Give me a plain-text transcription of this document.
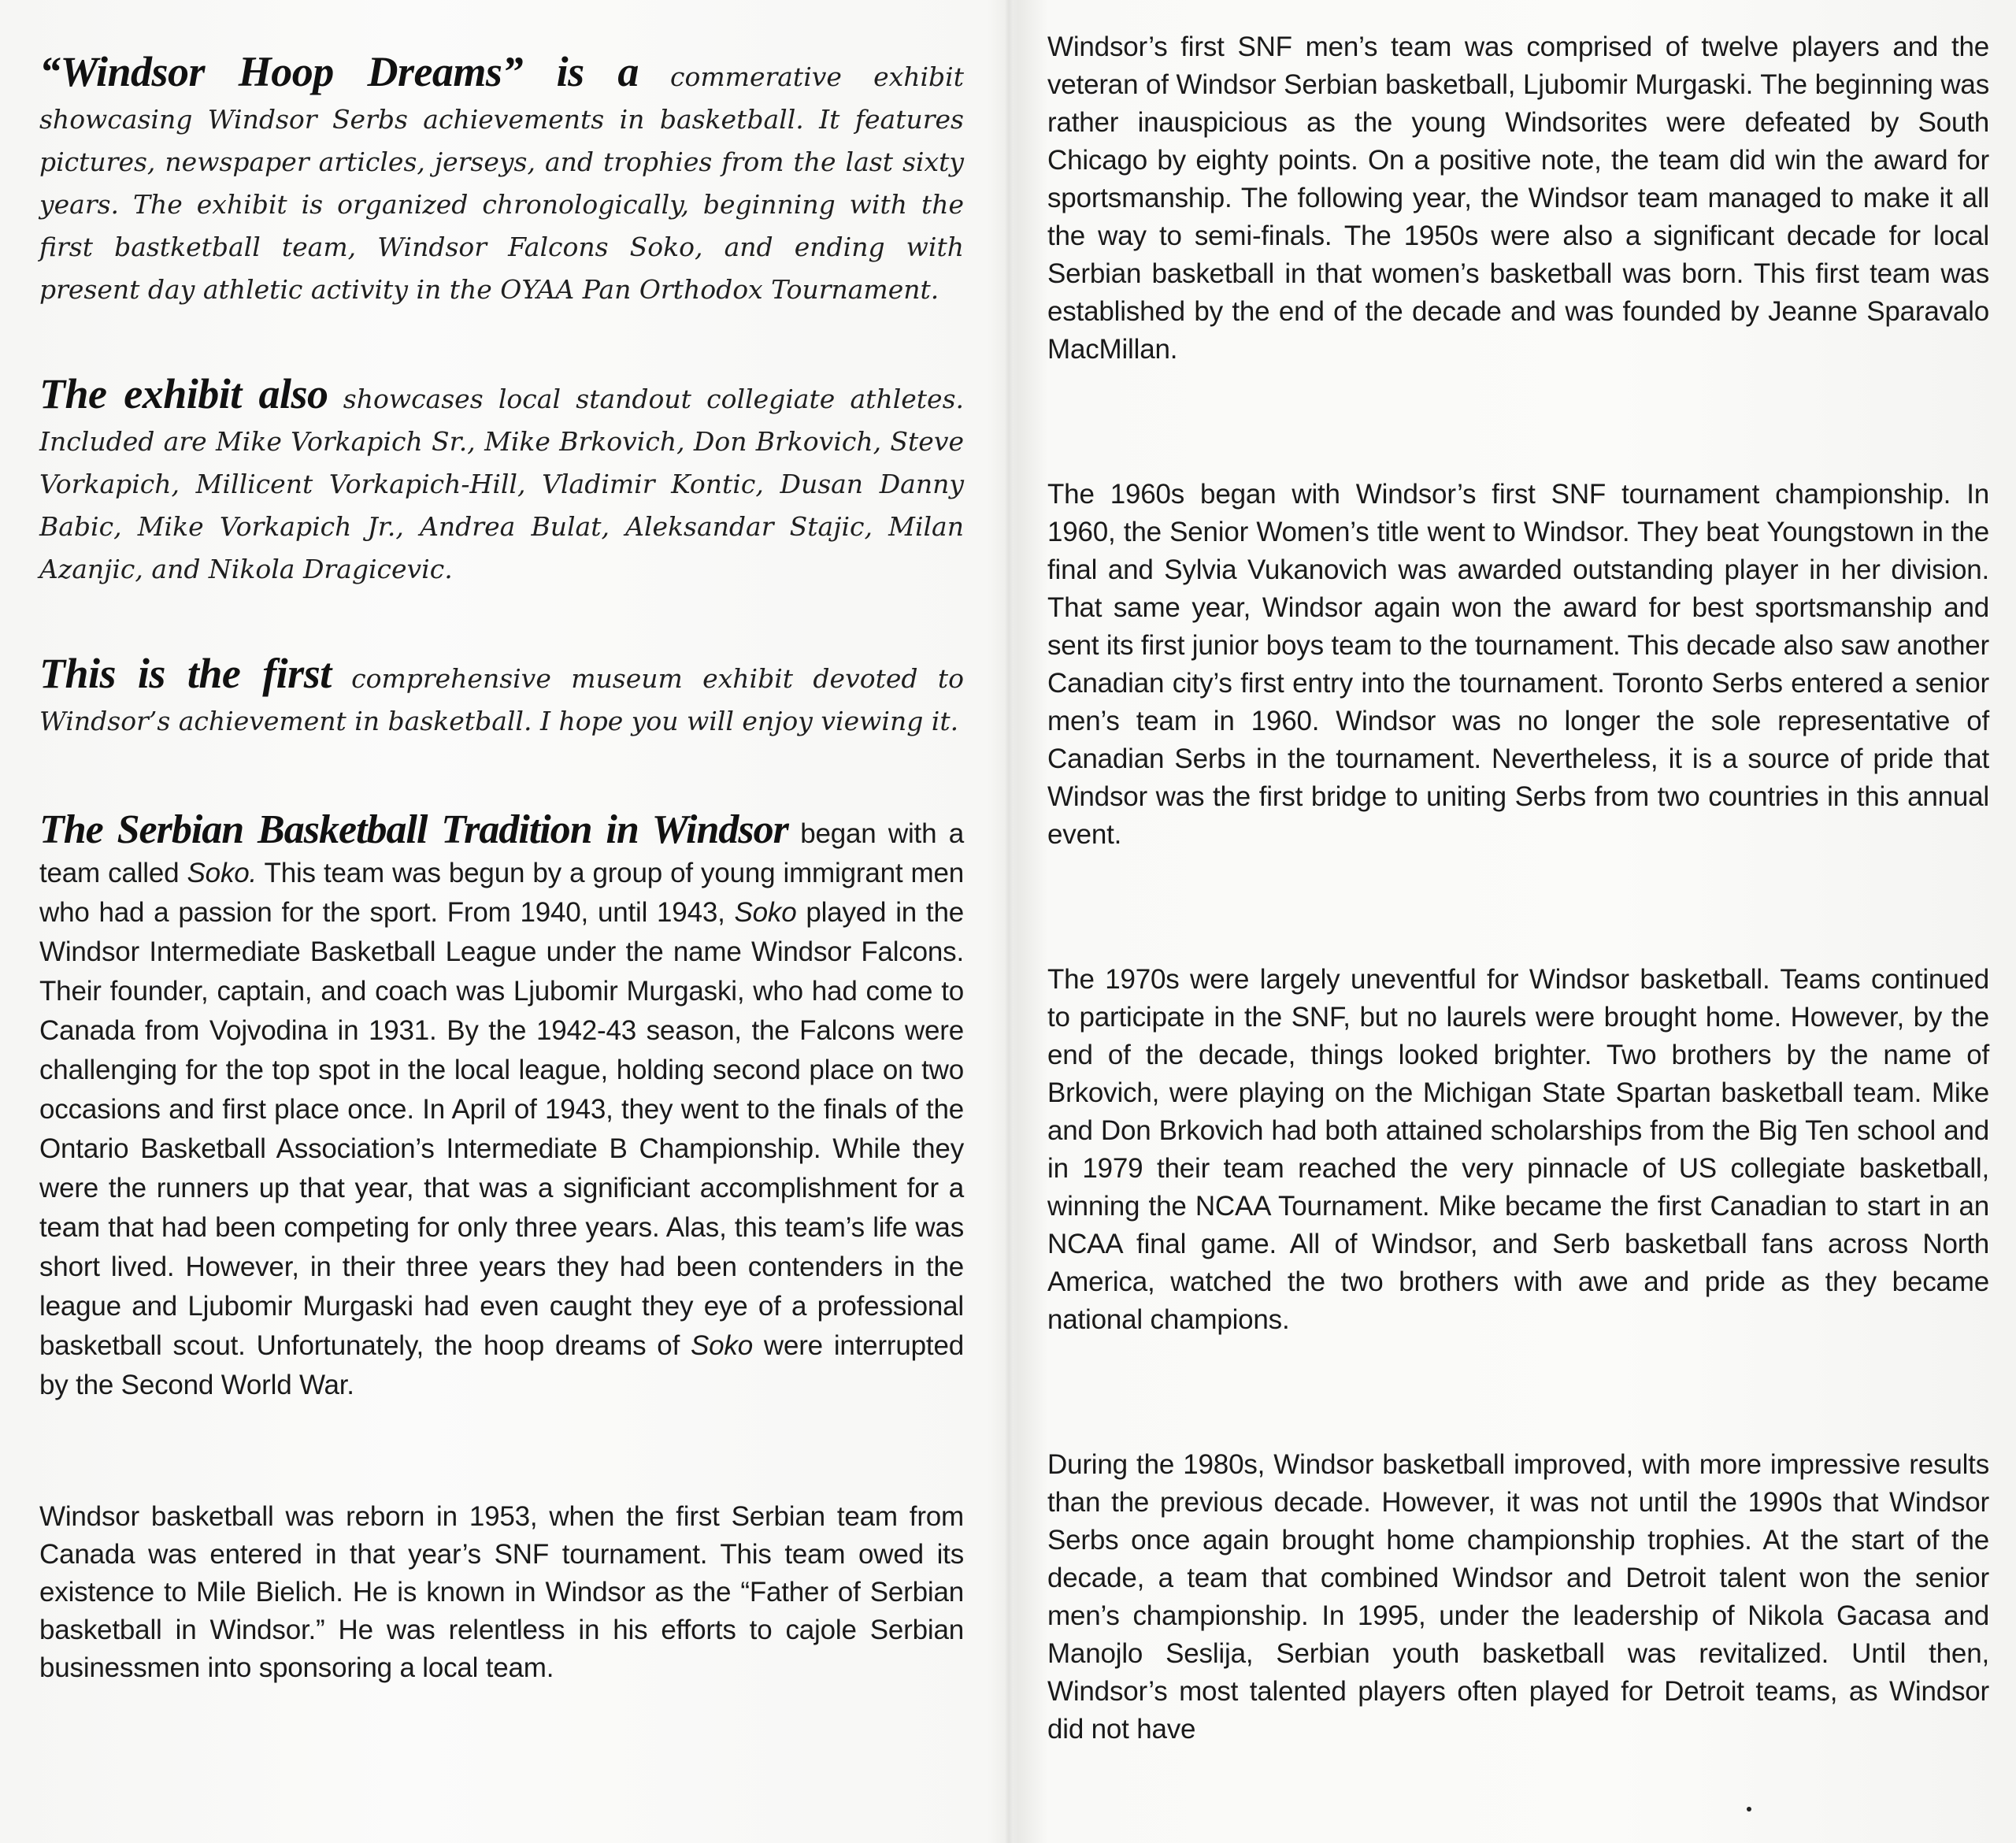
“Windsor Hoop Dreams” is a commerative exhibit showcasing Windsor Serbs achievements in basketball. It features pictures, newspaper articles, jerseys, and trophies from the last sixty years. The exhibit is organized chronologically, beginning with the first bastketball team, Windsor Falcons Soko, and ending with present day athletic activity in the OYAA Pan Orthodox Tournament.

The exhibit also showcases local standout collegiate athletes. Included are Mike Vorkapich Sr., Mike Brkovich, Don Brkovich, Steve Vorkapich, Millicent Vorkapich-Hill, Vladimir Kontic, Dusan Danny Babic, Mike Vorkapich Jr., Andrea Bulat, Aleksandar Stajic, Milan Azanjic, and Nikola Dragicevic.

This is the first comprehensive museum exhibit devoted to Windsor’s achievement in basketball. I hope you will enjoy viewing it.

The Serbian Basketball Tradition in Windsor began with a team called Soko. This team was begun by a group of young immigrant men who had a passion for the sport. From 1940, until 1943, Soko played in the Windsor Intermediate Basketball League under the name Windsor Falcons. Their founder, captain, and coach was Ljubomir Murgaski, who had come to Canada from Vojvodina in 1931. By the 1942-43 season, the Falcons were challenging for the top spot in the local league, holding second place on two occasions and first place once. In April of 1943, they went to the finals of the Ontario Basketball Association’s Intermediate B Championship. While they were the runners up that year, that was a significiant accomplishment for a team that had been competing for only three years. Alas, this team’s life was short lived. However, in their three years they had been contenders in the league and Ljubomir Murgaski had even caught they eye of a professional basketball scout. Unfortunately, the hoop dreams of Soko were interrupted by the Second World War.

Windsor basketball was reborn in 1953, when the first Serbian team from Canada was entered in that year’s SNF tournament. This team owed its existence to Mile Bielich. He is known in Windsor as the “Father of Serbian basketball in Windsor.” He was relentless in his efforts to cajole Serbian businessmen into sponsoring a local team.

Windsor’s first SNF men’s team was comprised of twelve players and the veteran of Windsor Serbian basketball, Ljubomir Murgaski. The beginning was rather inauspicious as the young Windsorites were defeated by South Chicago by eighty points. On a positive note, the team did win the award for sportsmanship. The following year, the Windsor team managed to make it all the way to semi-finals. The 1950s were also a significant decade for local Serbian basketball in that women’s basketball was born. This first team was established by the end of the decade and was founded by Jeanne Sparavalo MacMillan.

The 1960s began with Windsor’s first SNF tournament championship. In 1960, the Senior Women’s title went to Windsor. They beat Youngstown in the final and Sylvia Vukanovich was awarded outstanding player in her division. That same year, Windsor again won the award for best sportsmanship and sent its first junior boys team to the tournament. This decade also saw another Canadian city’s first entry into the tournament. Toronto Serbs entered a senior men’s team in 1960. Windsor was no longer the sole representative of Canadian Serbs in the tournament. Nevertheless, it is a source of pride that Windsor was the first bridge to uniting Serbs from two countries in this annual event.

The 1970s were largely uneventful for Windsor basketball. Teams continued to participate in the SNF, but no laurels were brought home. However, by the end of the decade, things looked brighter. Two brothers by the name of Brkovich, were playing on the Michigan State Spartan basketball team. Mike and Don Brkovich had both attained scholarships from the Big Ten school and in 1979 their team reached the very pinnacle of US collegiate basketball, winning the NCAA Tournament. Mike became the first Canadian to start in an NCAA final game. All of Windsor, and Serb basketball fans across North America, watched the two brothers with awe and pride as they became national champions.

During the 1980s, Windsor basketball improved, with more impressive results than the previous decade. However, it was not until the 1990s that Windsor Serbs once again brought home championship trophies. At the start of the decade, a team that combined Windsor and Detroit talent won the senior men’s championship. In 1995, under the leadership of Nikola Gacasa and Manojlo Seslija, Serbian youth basketball was revitalized. Until then, Windsor’s most talented players often played for Detroit teams, as Windsor did not have
